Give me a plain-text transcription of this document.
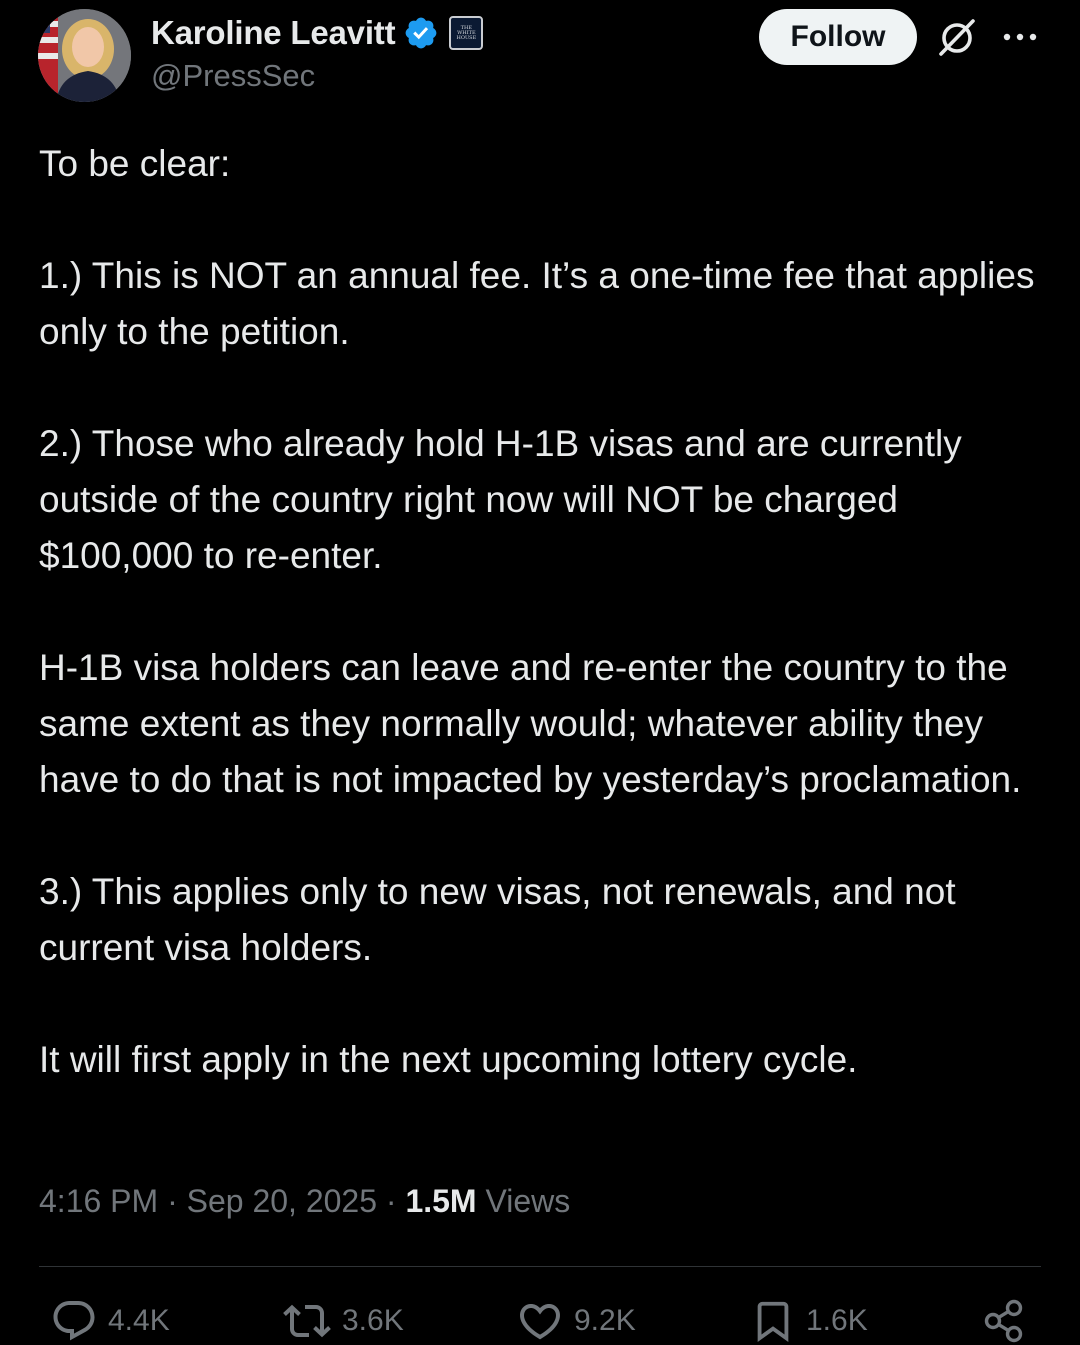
Karoline Leavitt	THE WHITE HOUSE
@PressSec
Follow

To be clear:

1.) This is NOT an annual fee. It’s a one-time fee that applies only to the petition.

2.) Those who already hold H-1B visas and are currently outside of the country right now will NOT be charged $100,000 to re-enter.

H-1B visa holders can leave and re-enter the country to the same extent as they normally would; whatever ability they have to do that is not impacted by yesterday’s proclamation.

3.) This applies only to new visas, not renewals, and not current visa holders.

It will first apply in the next upcoming lottery cycle.

4:16 PM · Sep 20, 2025 · 1.5M Views
4.4K	3.6K	9.2K	1.6K
